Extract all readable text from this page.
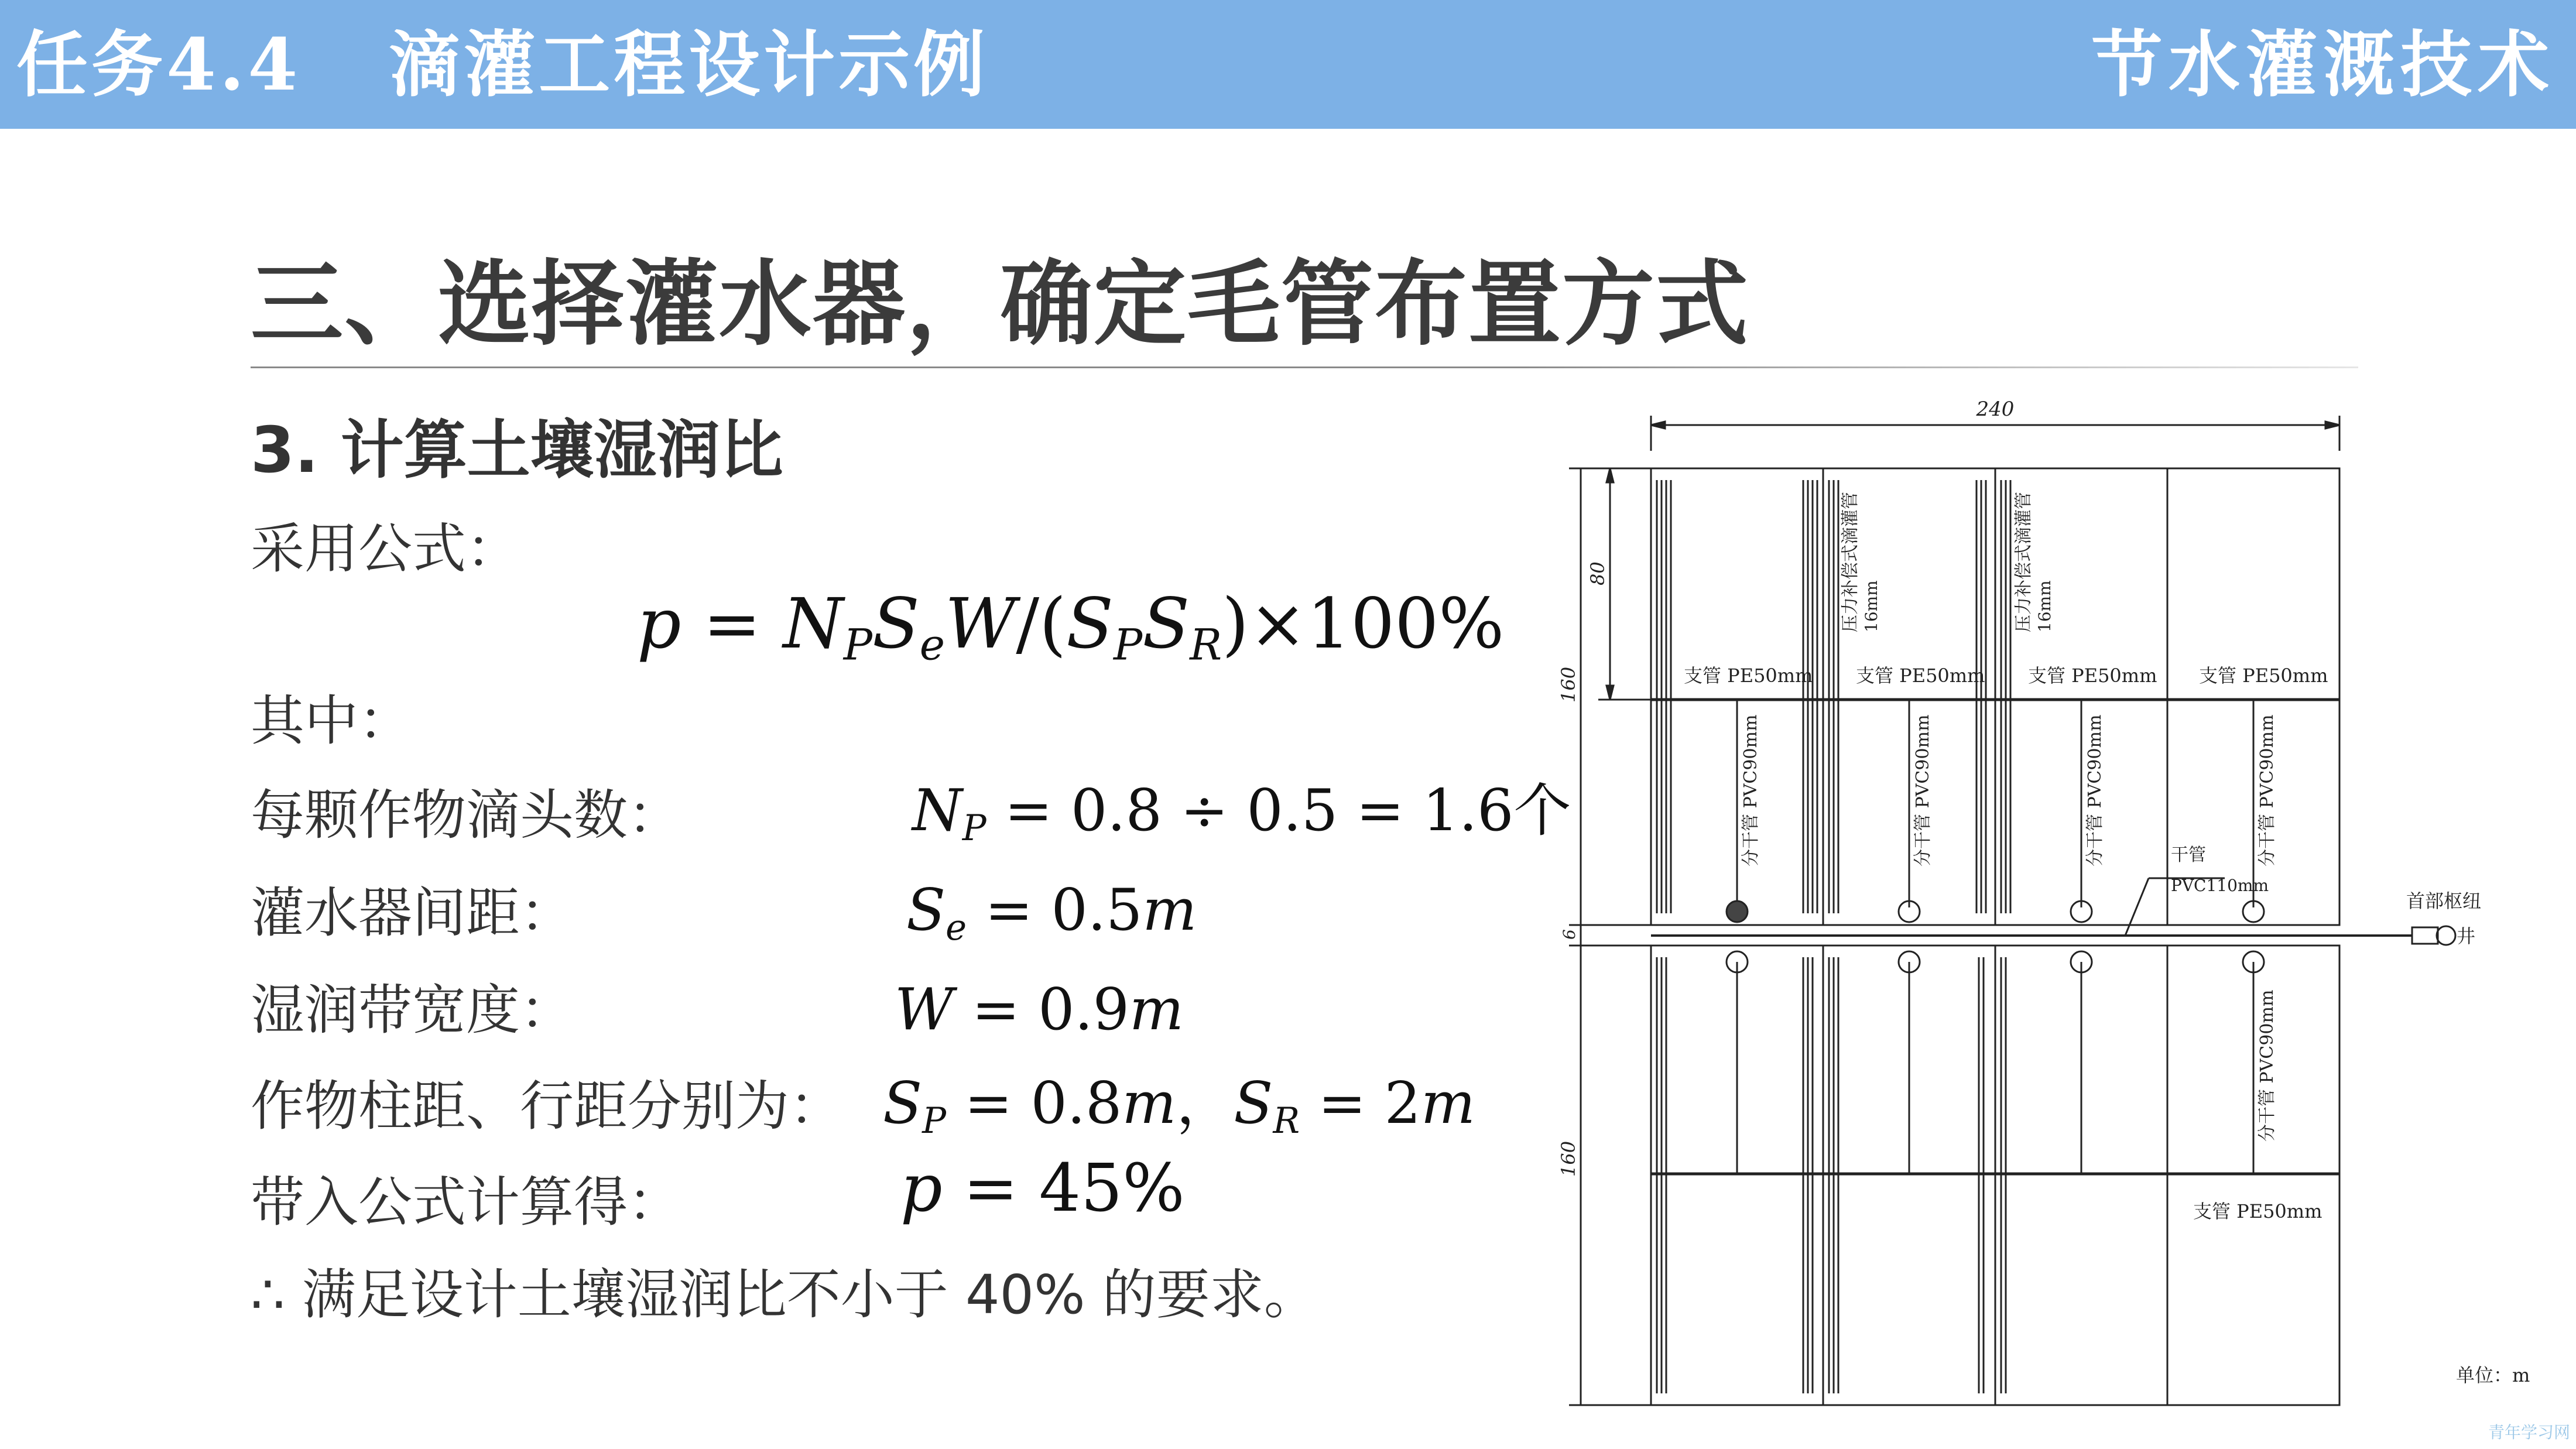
任务4.4 滴灌工程设计示例	节水灌溉技术
三、选择灌水器，确定毛管布置方式
3. 计算土壤湿润比
采用公式：
$p = N_PS_eW/(S_PS_R)\times 100\%$
其中：
每颗作物滴头数：	$N_P = 0.8 \div 0.5 = 1.6$个
灌水器间距：	$S_e = 0.5m$
湿润带宽度：	W = 0.9m
作物柱距、行距分别为： $S_P = 0.8m$，$S_R = 2m$
带入公式计算得：	p = 45%
∴ 满足设计土壤湿润比不小于 40% 的要求。
240
80
160
6
160
支管 PE50mm 支管 PE50mm 支管 PE50mm 支管 PE50mm
支管 PE50mm
分干管 PVC90mm	分干管 PVC90mm	分干管 PVC90mm	分干管 PVC90mm
分干管 PVC90mm
压力补偿式滴灌管 16mm	压力补偿式滴灌管 16mm
干管
PVC110mm
首部枢纽
井
单位：m
青年学习网
